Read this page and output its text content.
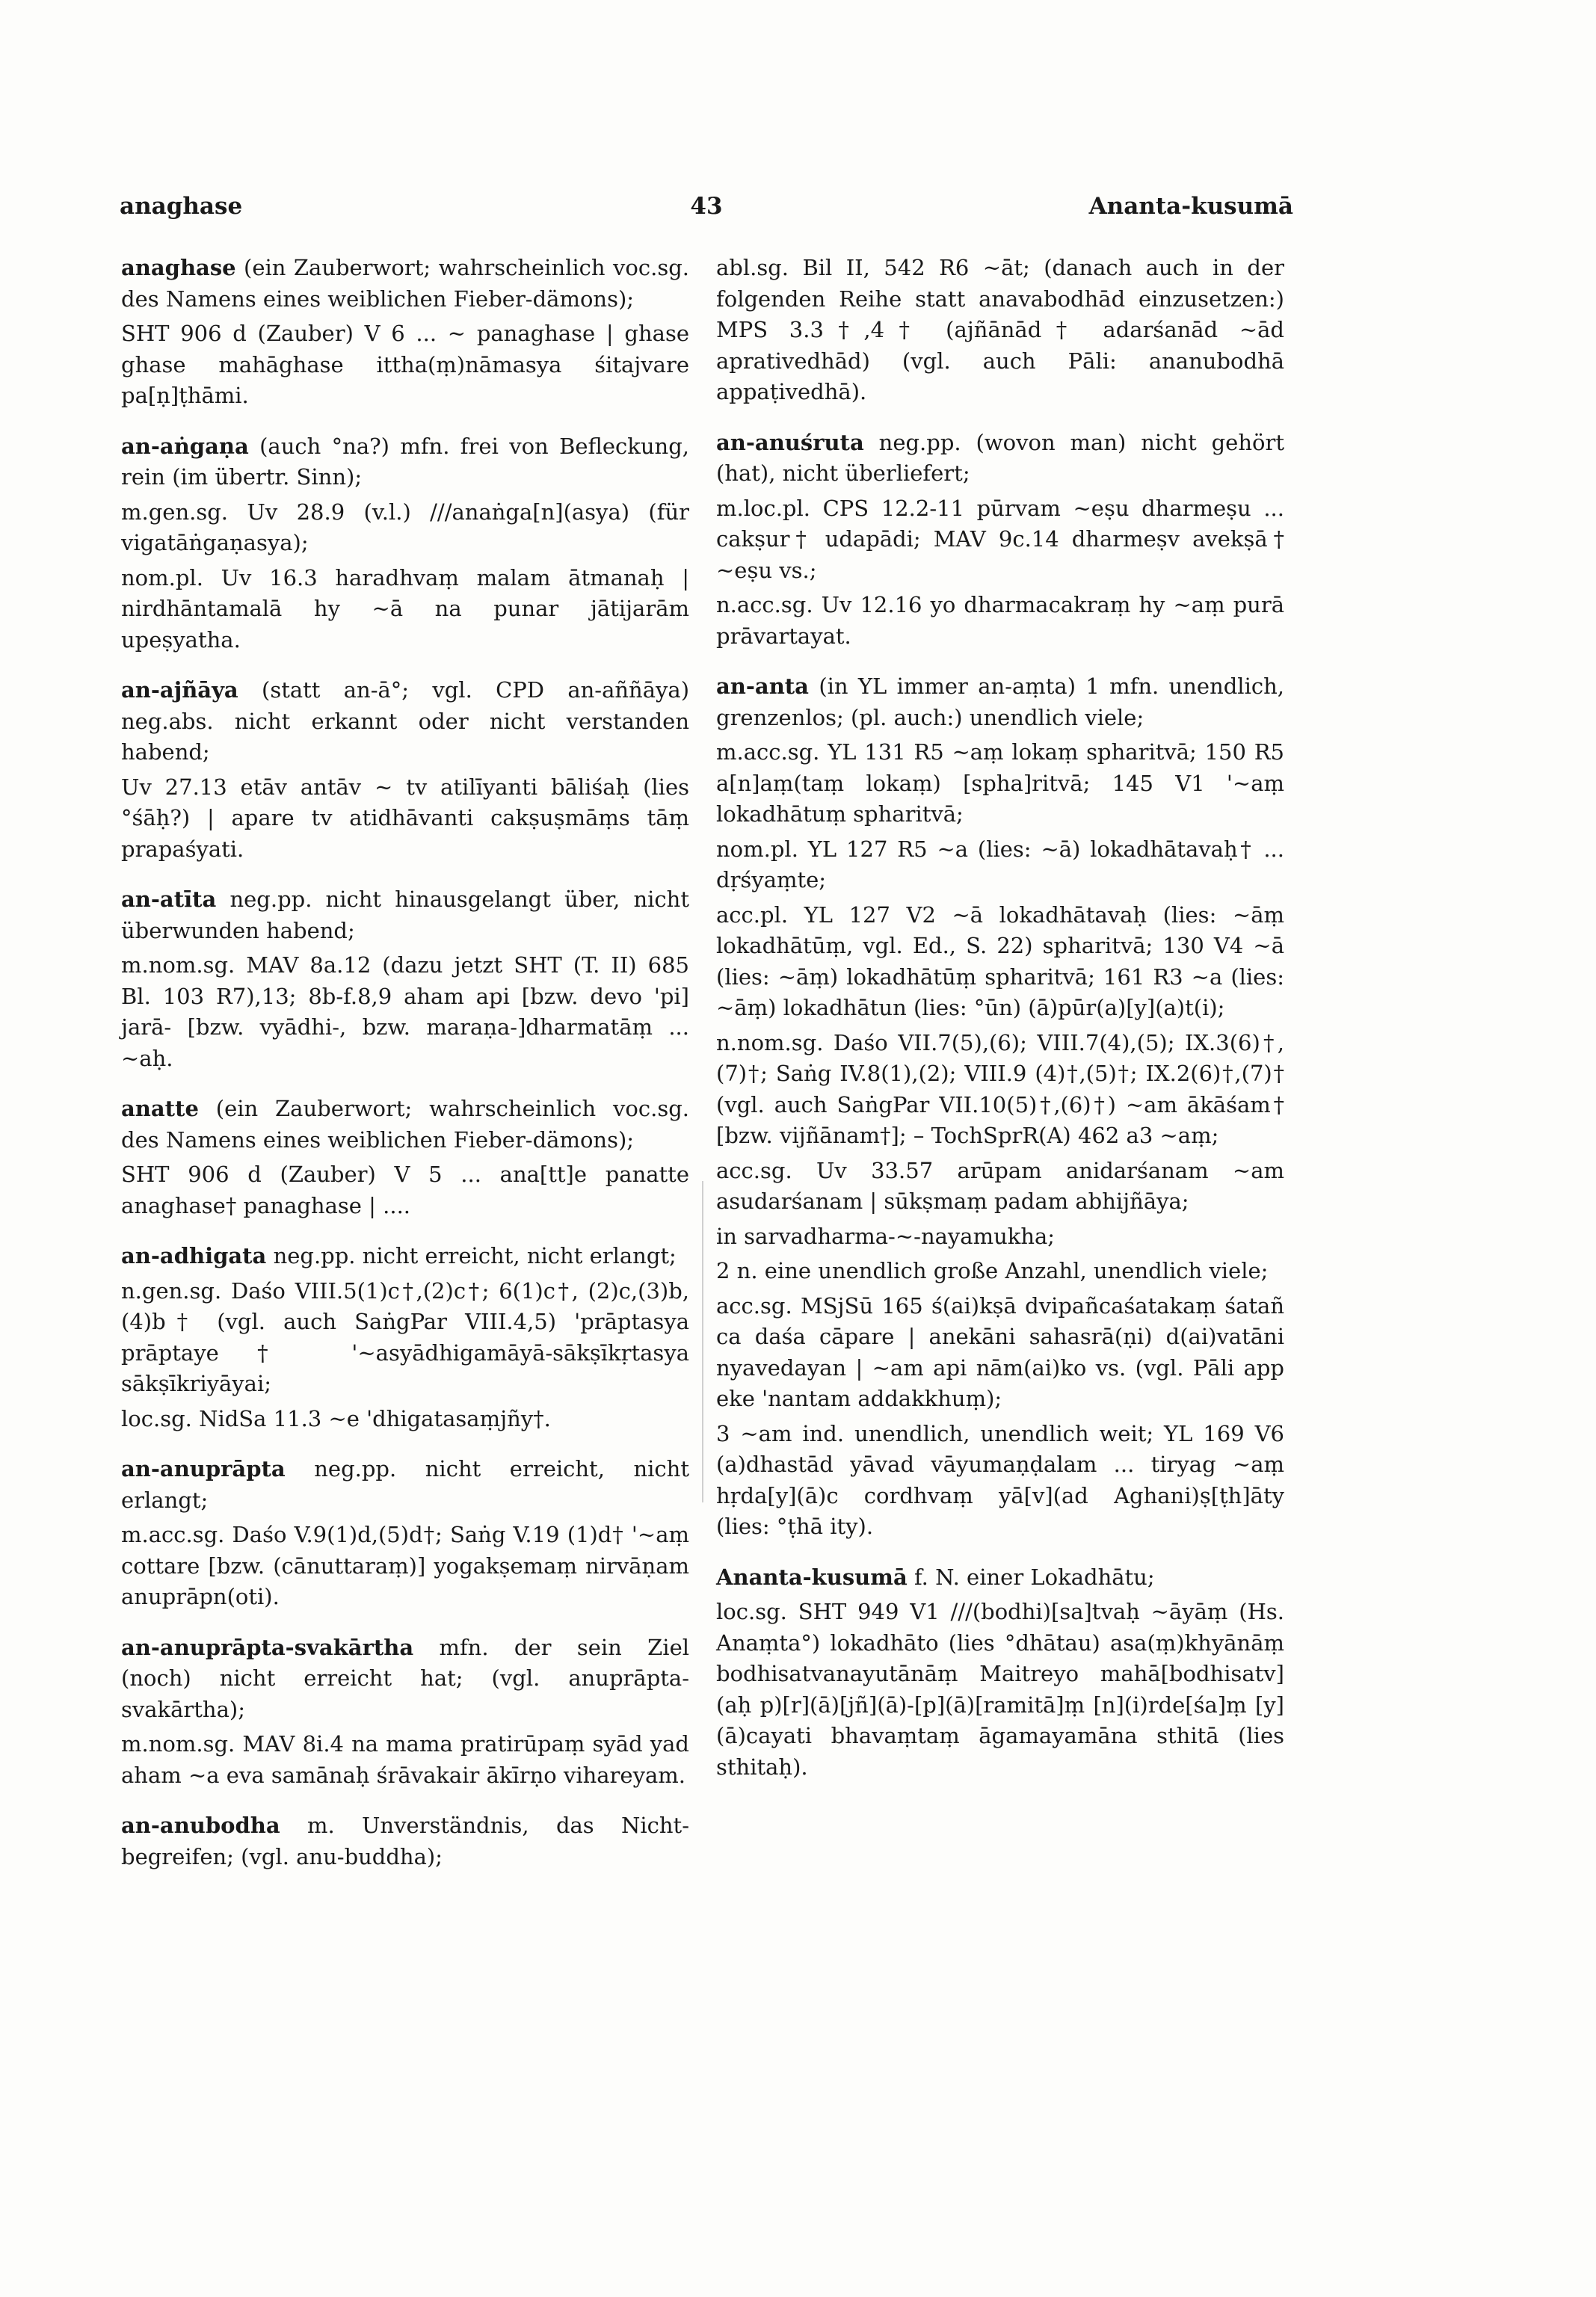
anaghase	43	Ananta-kusumā

anaghase (ein Zauberwort; wahrscheinlich voc.sg. des Namens eines weiblichen Fieber-dämons);

SHT 906 d (Zauber) V 6 ... ~ panaghase | ghase ghase mahāghase ittha(ṃ)nāmasya śitajvare pa[ṇ]ṭhāmi.

an-aṅgaṇa (auch °na?) mfn. frei von Befleckung, rein (im übertr. Sinn);

m.gen.sg. Uv 28.9 (v.l.) ///anaṅga[n](asya) (für vigatāṅgaṇasya);

nom.pl. Uv 16.3 haradhvaṃ malam ātmanaḥ | nirdhāntamalā hy ~ā na punar jātijarām upeṣyatha.

an-ajñāya (statt an-ā°; vgl. CPD an-aññāya) neg.abs. nicht erkannt oder nicht verstanden habend;

Uv 27.13 etāv antāv ~ tv atilīyanti bāliśaḥ (lies °śāḥ?) | apare tv atidhāvanti cakṣuṣmāṃs tāṃ prapaśyati.

an-atīta neg.pp. nicht hinausgelangt über, nicht überwunden habend;

m.nom.sg. MAV 8a.12 (dazu jetzt SHT (T. II) 685 Bl. 103 R7),13; 8b-f.8,9 aham api [bzw. devo 'pi] jarā- [bzw. vyādhi-, bzw. maraṇa-]dharmatāṃ ... ~aḥ.

anatte (ein Zauberwort; wahrscheinlich voc.sg. des Namens eines weiblichen Fieber-dämons);

SHT 906 d (Zauber) V 5 ... ana[tt]e panatte anaghase† panaghase | ....

an-adhigata neg.pp. nicht erreicht, nicht erlangt;

n.gen.sg. Daśo VIII.5(1)c†,(2)c†; 6(1)c†, (2)c,(3)b,(4)b† (vgl. auch SaṅgPar VIII.4,5) 'prāptasya prāptaye† '~asyādhigamāyā-sākṣīkṛtasya sākṣīkriyāyai;

loc.sg. NidSa 11.3 ~e 'dhigatasaṃjñy†.

an-anuprāpta neg.pp. nicht erreicht, nicht erlangt;

m.acc.sg. Daśo V.9(1)d,(5)d†; Saṅg V.19 (1)d† '~aṃ cottare [bzw. (cānuttaraṃ)] yogakṣemaṃ nirvāṇam anuprāpn(oti).

an-anuprāpta-svakārtha mfn. der sein Ziel (noch) nicht erreicht hat; (vgl. anuprāpta-svakārtha);

m.nom.sg. MAV 8i.4 na mama pratirūpaṃ syād yad aham ~a eva samānaḥ śrāvakair ākīrṇo vihareyam.

an-anubodha m. Unverständnis, das Nicht-begreifen; (vgl. anu-buddha);

abl.sg. Bil II, 542 R6 ~āt; (danach auch in der folgenden Reihe statt anavabodhād einzusetzen:) MPS 3.3†,4† (ajñānād† adarśanād ~ād aprativedhād) (vgl. auch Pāli: ananubodhā appaṭivedhā).

an-anuśruta neg.pp. (wovon man) nicht gehört (hat), nicht überliefert;

m.loc.pl. CPS 12.2-11 pūrvam ~eṣu dharmeṣu ... cakṣur† udapādi; MAV 9c.14 dharmeṣv avekṣā† ~eṣu vs.;

n.acc.sg. Uv 12.16 yo dharmacakraṃ hy ~aṃ purā prāvartayat.

an-anta (in YL immer an-aṃta) 1 mfn. unendlich, grenzenlos; (pl. auch:) unendlich viele;

m.acc.sg. YL 131 R5 ~aṃ lokaṃ spharitvā; 150 R5 a[n]aṃ(taṃ lokaṃ) [spha]ritvā; 145 V1 '~aṃ lokadhātuṃ spharitvā;

nom.pl. YL 127 R5 ~a (lies: ~ā) lokadhātavaḥ† ... dṛśyaṃte;

acc.pl. YL 127 V2 ~ā lokadhātavaḥ (lies: ~āṃ lokadhātūṃ, vgl. Ed., S. 22) spharitvā; 130 V4 ~ā (lies: ~āṃ) lokadhātūṃ spharitvā; 161 R3 ~a (lies: ~āṃ) lokadhātun (lies: °ūn) (ā)pūr(a)[y](a)t(i);

n.nom.sg. Daśo VII.7(5),(6); VIII.7(4),(5); IX.3(6)†,(7)†; Saṅg IV.8(1),(2); VIII.9 (4)†,(5)†; IX.2(6)†,(7)† (vgl. auch SaṅgPar VII.10(5)†,(6)†) ~am ākāśam† [bzw. vijñānam†]; – TochSprR(A) 462 a3 ~aṃ;

acc.sg. Uv 33.57 arūpam anidarśanam ~am asudarśanam | sūkṣmaṃ padam abhijñāya;

in sarvadharma-~-nayamukha;

2 n. eine unendlich große Anzahl, unendlich viele;

acc.sg. MSjSū 165 ś(ai)kṣā dvipañcaśatakaṃ śatañ ca daśa cāpare | anekāni sahasrā(ṇi) d(ai)vatāni nyavedayan | ~am api nām(ai)ko vs. (vgl. Pāli app eke 'nantam addakkhuṃ);

3 ~am ind. unendlich, unendlich weit; YL 169 V6 (a)dhastād yāvad vāyumaṇḍalam ... tiryag ~aṃ hṛda[y](ā)c cordhvaṃ yā[v](ad Aghani)ṣ[ṭh]āty (lies: °ṭhā ity).

Ananta-kusumā f. N. einer Lokadhātu;

loc.sg. SHT 949 V1 ///(bodhi)[sa]tvaḥ ~āyāṃ (Hs. Anaṃta°) lokadhāto (lies °dhātau) asa(ṃ)khyānāṃ bodhisatvanayutānāṃ Maitreyo mahā[bodhisatv](aḥ p)[r](ā)[jñ](ā)-[p](ā)[ramitā]ṃ [n](i)rde[śa]ṃ [y](ā)cayati bhavaṃtaṃ āgamayamāna sthitā (lies sthitaḥ).
